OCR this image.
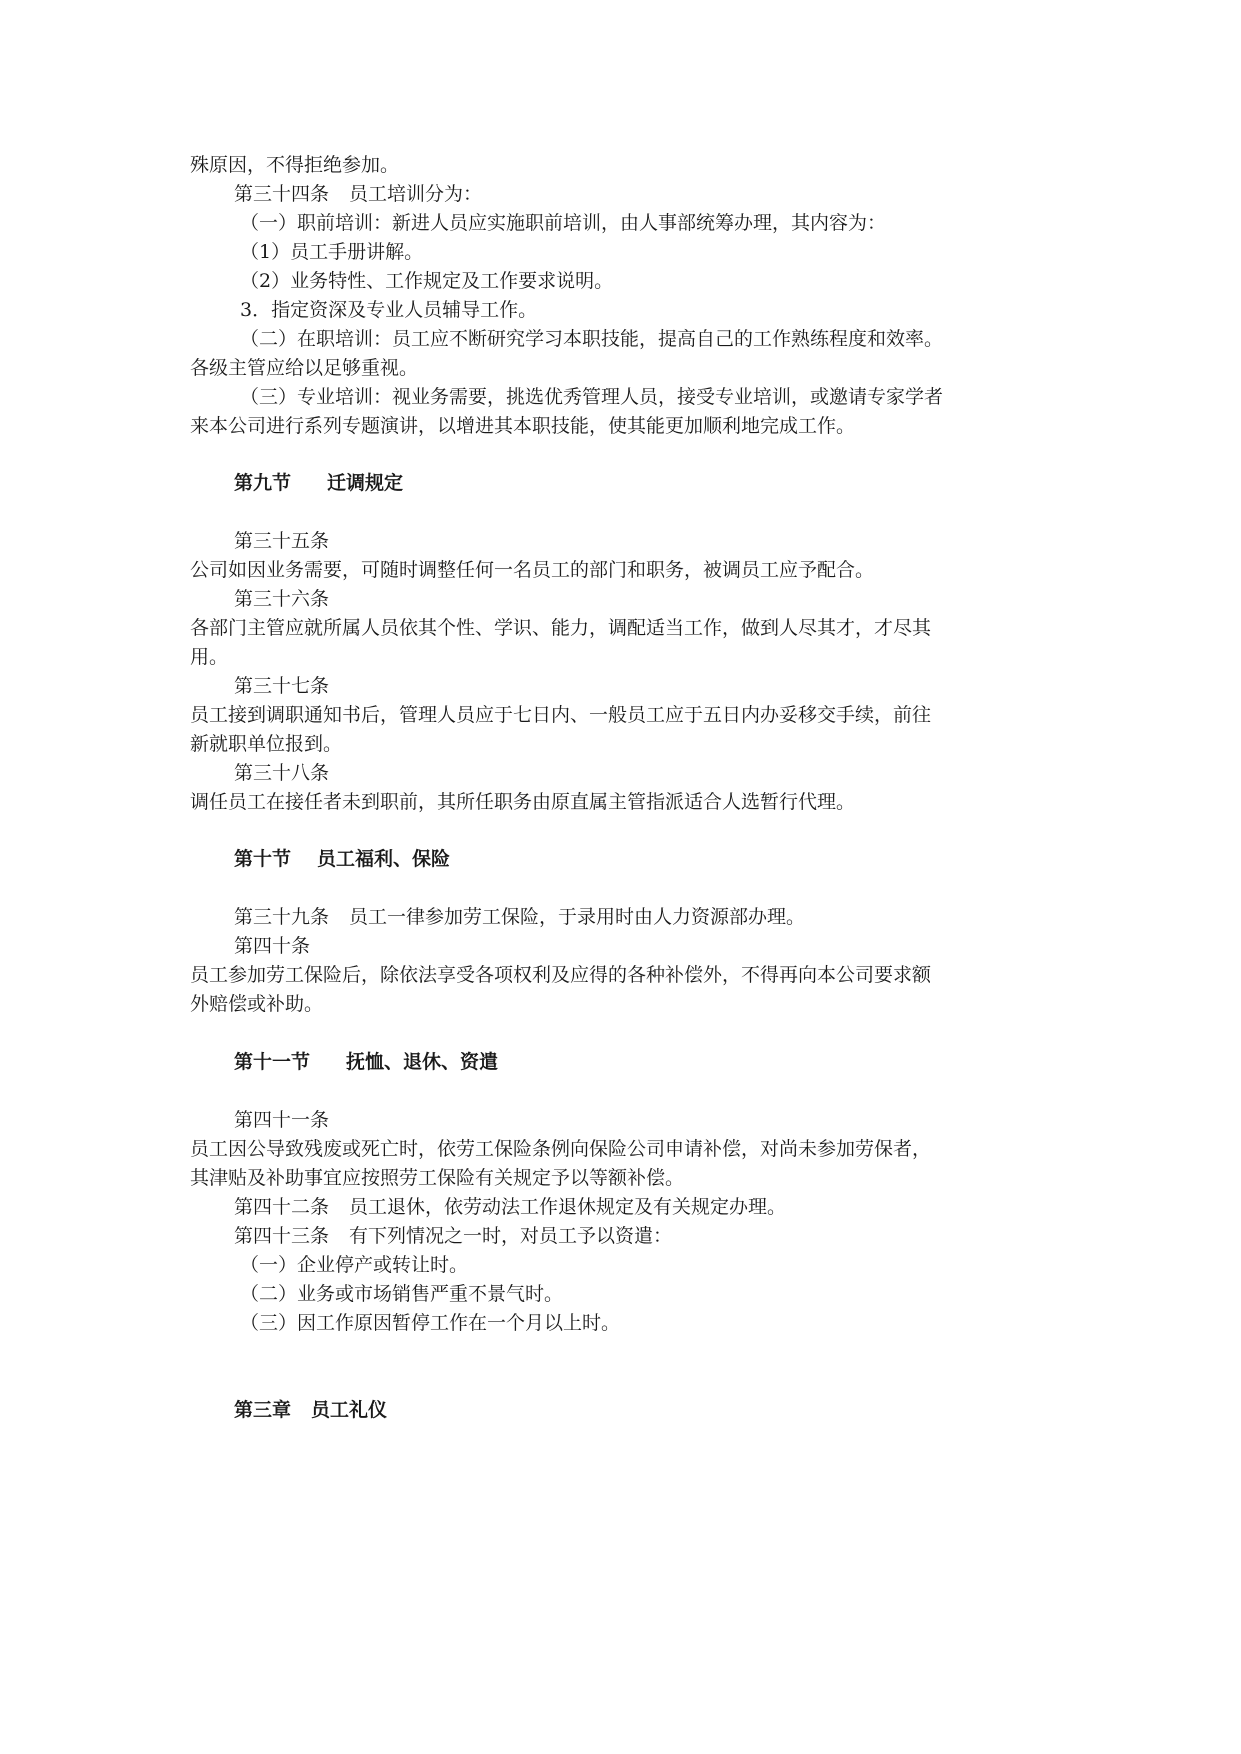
殊原因，不得拒绝参加。
第三十四条 员工培训分为：
（一）职前培训：新进人员应实施职前培训，由人事部统筹办理，其内容为：
（1）员工手册讲解。
（2）业务特性、工作规定及工作要求说明。
3．指定资深及专业人员辅导工作。
（二）在职培训：员工应不断研究学习本职技能，提高自己的工作熟练程度和效率。
各级主管应给以足够重视。
（三）专业培训：视业务需要，挑选优秀管理人员，接受专业培训，或邀请专家学者
来本公司进行系列专题演讲，以增进其本职技能，使其能更加顺利地完成工作。
第九节 迁调规定
第三十五条
公司如因业务需要，可随时调整任何一名员工的部门和职务，被调员工应予配合。
第三十六条
各部门主管应就所属人员依其个性、学识、能力，调配适当工作，做到人尽其才，才尽其
用。
第三十七条
员工接到调职通知书后，管理人员应于七日内、一般员工应于五日内办妥移交手续，前往
新就职单位报到。
第三十八条
调任员工在接任者未到职前，其所任职务由原直属主管指派适合人选暂行代理。
第十节 员工福利、保险
第三十九条 员工一律参加劳工保险，于录用时由人力资源部办理。
第四十条
员工参加劳工保险后，除依法享受各项权利及应得的各种补偿外，不得再向本公司要求额
外赔偿或补助。
第十一节 抚恤、退休、资遣
第四十一条
员工因公导致残废或死亡时，依劳工保险条例向保险公司申请补偿，对尚未参加劳保者，
其津贴及补助事宜应按照劳工保险有关规定予以等额补偿。
第四十二条 员工退休，依劳动法工作退休规定及有关规定办理。
第四十三条 有下列情况之一时，对员工予以资遣：
（一）企业停产或转让时。
（二）业务或市场销售严重不景气时。
（三）因工作原因暂停工作在一个月以上时。
第三章 员工礼仪
